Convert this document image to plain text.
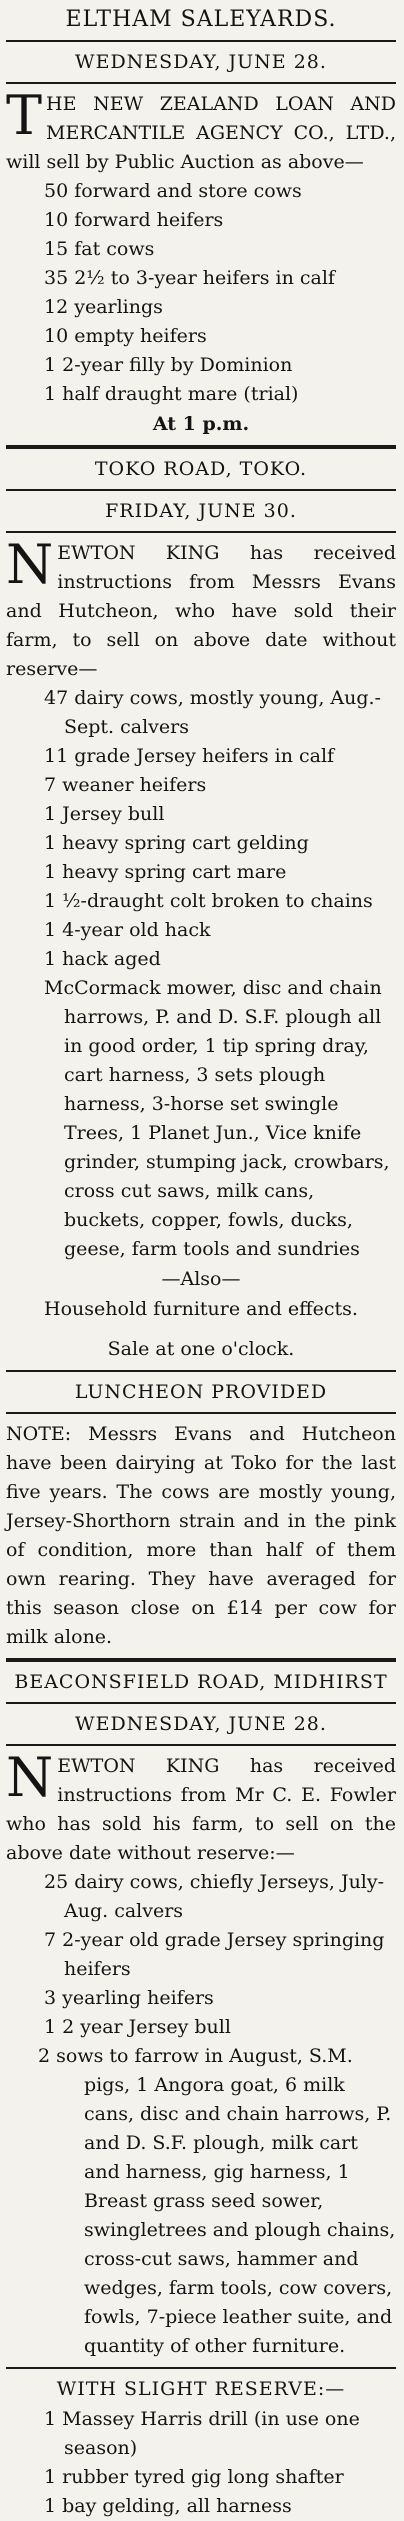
ELTHAM SALEYARDS.
WEDNESDAY, JUNE 28.

THE NEW ZEALAND LOAN AND MERCANTILE AGENCY CO., LTD., will sell by Public Auction as above—

50 forward and store cows
10 forward heifers
15 fat cows
35 2½ to 3-year heifers in calf
12 yearlings
10 empty heifers
1 2-year filly by Dominion
1 half draught mare (trial)
At 1 p.m.
TOKO ROAD, TOKO.
FRIDAY, JUNE 30.

NEWTON KING has received instructions from Messrs Evans and Hutcheon, who have sold their farm, to sell on above date without reserve—

47 dairy cows, mostly young, Aug.-Sept. calvers
11 grade Jersey heifers in calf
7 weaner heifers
1 Jersey bull
1 heavy spring cart gelding
1 heavy spring cart mare
1 ½-draught colt broken to chains
1 4-year old hack
1 hack aged
McCormack mower, disc and chain harrows, P. and D. S.F. plough all in good order, 1 tip spring dray, cart harness, 3 sets plough harness, 3-horse set swingle Trees, 1 Planet Jun., Vice knife grinder, stumping jack, crowbars, cross cut saws, milk cans, buckets, copper, fowls, ducks, geese, farm tools and sundries
—Also—
Household furniture and effects.
Sale at one o'clock.
LUNCHEON PROVIDED

NOTE: Messrs Evans and Hutcheon have been dairying at Toko for the last five years. The cows are mostly young, Jersey-Shorthorn strain and in the pink of condition, more than half of them own rearing. They have averaged for this season close on £14 per cow for milk alone.

BEACONSFIELD ROAD, MIDHIRST
WEDNESDAY, JUNE 28.

NEWTON KING has received instructions from Mr C. E. Fowler who has sold his farm, to sell on the above date without reserve:—

25 dairy cows, chiefly Jerseys, July-Aug. calvers
7 2-year old grade Jersey springing heifers
3 yearling heifers
1 2 year Jersey bull
2 sows to farrow in August, S.M. pigs, 1 Angora goat, 6 milk cans, disc and chain harrows, P. and D. S.F. plough, milk cart and harness, gig harness, 1 Breast grass seed sower, swingletrees and plough chains, cross-cut saws, hammer and wedges, farm tools, cow covers, fowls, 7-piece leather suite, and quantity of other furniture.
WITH SLIGHT RESERVE:—
1 Massey Harris drill (in use one season)
1 rubber tyred gig long shafter
1 bay gelding, all harness
